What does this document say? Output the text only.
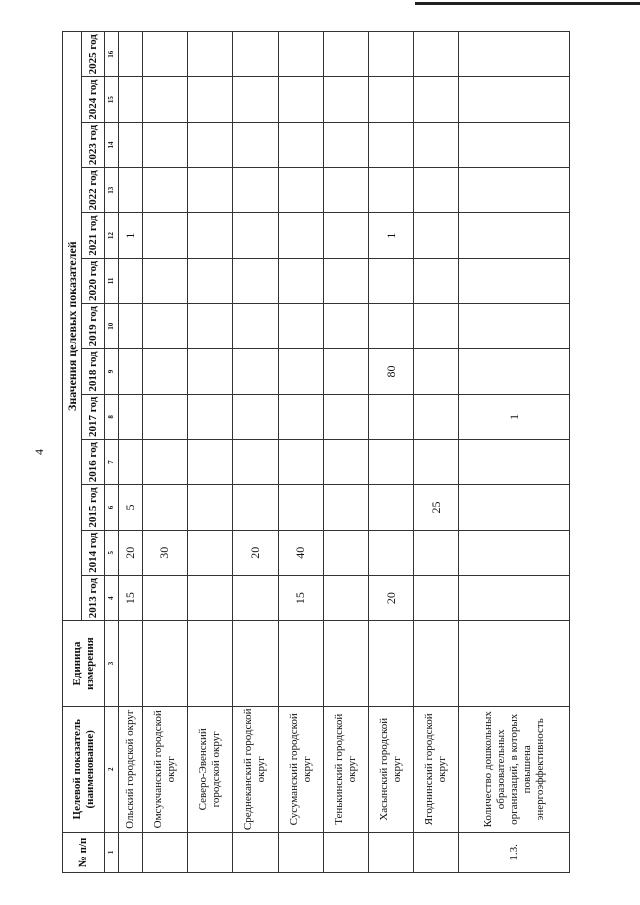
4
№ п/п	Целевой показатель (наименование)	Единица измерения	Значения целевых показателей												
			2013 год	2014 год	2015 год	2016 год	2017 год	2018 год	2019 год	2020 год	2021 год	2022 год	2023 год	2024 год	2025 год
1	2	3	4	5	6	7	8	9	10	11	12	13	14	15	16
	Ольский городской округ		15	20	5						1				
	Омсукчанский городской округ			30											
	Северо-Эвенский городской округ														
	Среднеканский городской округ			20											
	Сусуманский городской округ		15	40											
	Тенькинский городской округ														
	Хасынский городской округ		20					80			1				
	Ягоднинский городской округ				25										
1.3.	Количество дошкольных образовательных организаций, в которых повышена энергоэффективность						1								
